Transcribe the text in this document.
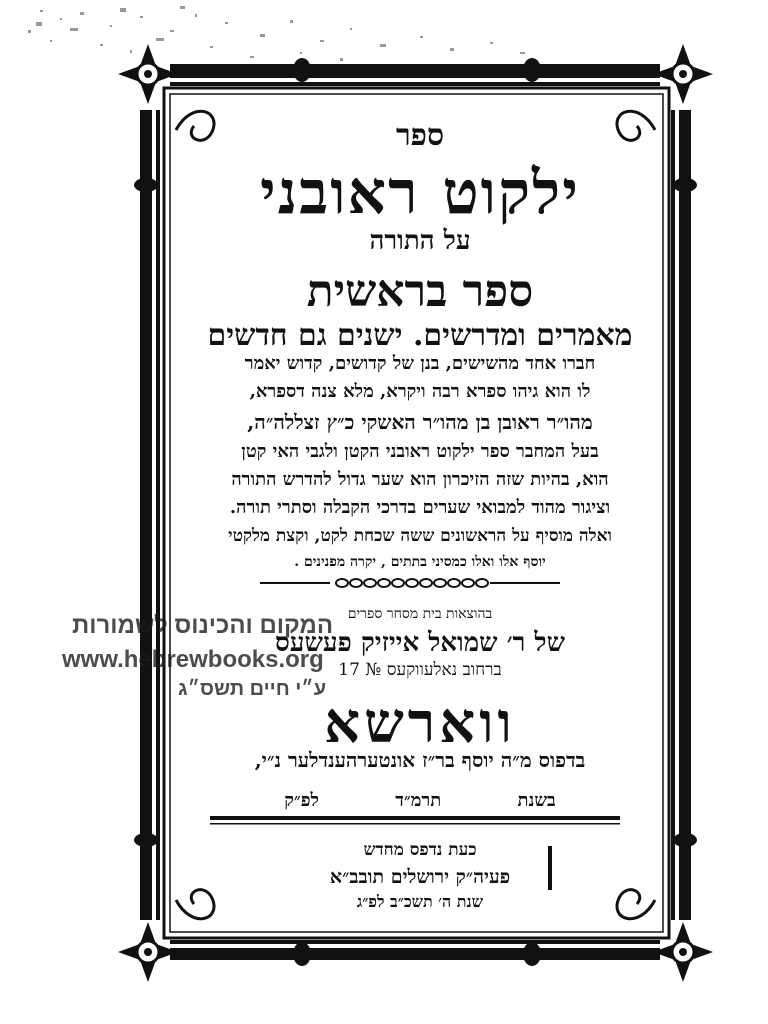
ספר
ילקוט ראובני
על התורה
ספר בראשית
מאמרים ומדרשים. ישנים גם חדשים
חברו אחד מהשישים, בנן של קדושים, קדוש יאמר
לו הוא גיהו ספרא רבה ויקרא, מלא צנה דספרא,
מהו״ר ראובן בן מהו״ר האשקי כ״ץ זצללה״ה,
בעל המחבר ספר ילקוט ראובני הקטן ולגבי האי קטן
הוא, בהיות שזה הזיכרון הוא שער גדול להדרש התורה
וציגור מהוד למבואי שערים בדרכי הקבלה וסתרי תורה.
ואלה מוסיף על הראשונים ששה שכחת לקט, וקצת מלקטי
יוסף אלו ואלו כמסיני בתתים , יקרה מפנינים .
בהוצאות בית מסחר ספרים
של ר׳ שמואל אייזיק פעשעס
ברחוב נאלעווקעס № 17
ווארשא
בדפוס מ״ה יוסף בר״ז אונטערהענדלער נ״י,
בשנת תרמ״ד לפ״ק
כעת נדפס מחדש
פעיה״ק ירושלים תובב״א
שנת ה׳ תשכ״ב לפ״ג
המקום והכינוס לשמורות
www.hebrewbooks.org
ע״י חיים תשס״ג
